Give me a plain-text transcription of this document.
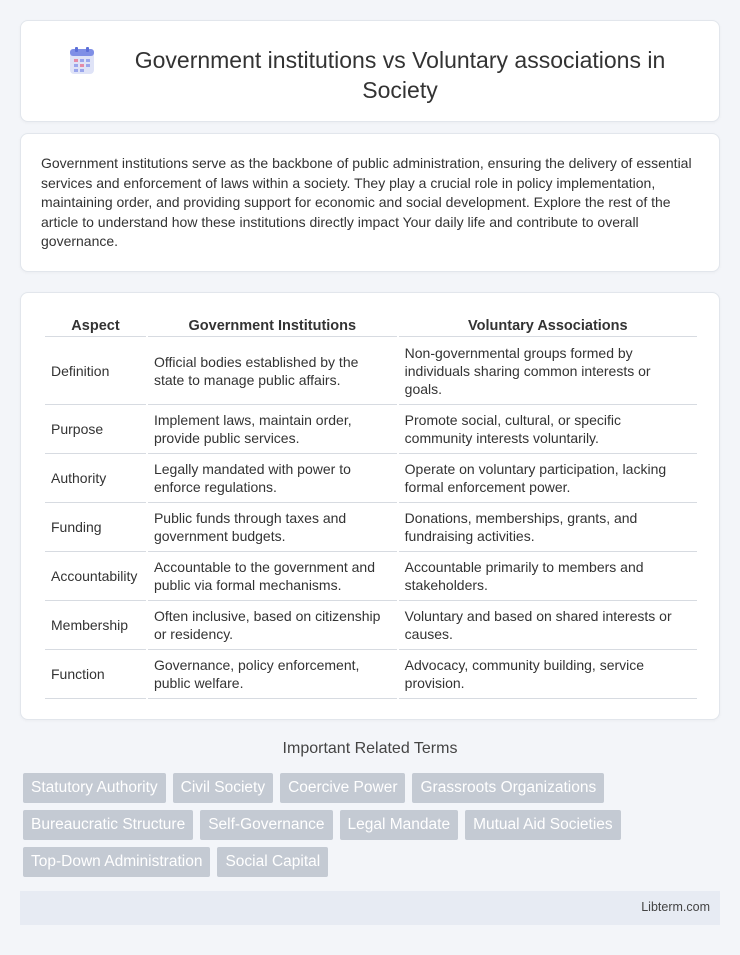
Government institutions vs Voluntary associations in Society

Government institutions serve as the backbone of public administration, ensuring the delivery of essential services and enforcement of laws within a society. They play a crucial role in policy implementation, maintaining order, and providing support for economic and social development. Explore the rest of the article to understand how these institutions directly impact Your daily life and contribute to overall governance.

Aspect	Government Institutions	Voluntary Associations
Definition	Official bodies established by the state to manage public affairs.	Non-governmental groups formed by individuals sharing common interests or goals.
Purpose	Implement laws, maintain order, provide public services.	Promote social, cultural, or specific community interests voluntarily.
Authority	Legally mandated with power to enforce regulations.	Operate on voluntary participation, lacking formal enforcement power.
Funding	Public funds through taxes and government budgets.	Donations, memberships, grants, and fundraising activities.
Accountability	Accountable to the government and public via formal mechanisms.	Accountable primarily to members and stakeholders.
Membership	Often inclusive, based on citizenship or residency.	Voluntary and based on shared interests or causes.
Function	Governance, policy enforcement, public welfare.	Advocacy, community building, service provision.
Important Related Terms
Statutory Authority	Civil Society	Coercive Power	Grassroots Organizations
Bureaucratic Structure	Self-Governance	Legal Mandate	Mutual Aid Societies
Top-Down Administration	Social Capital
Libterm.com
